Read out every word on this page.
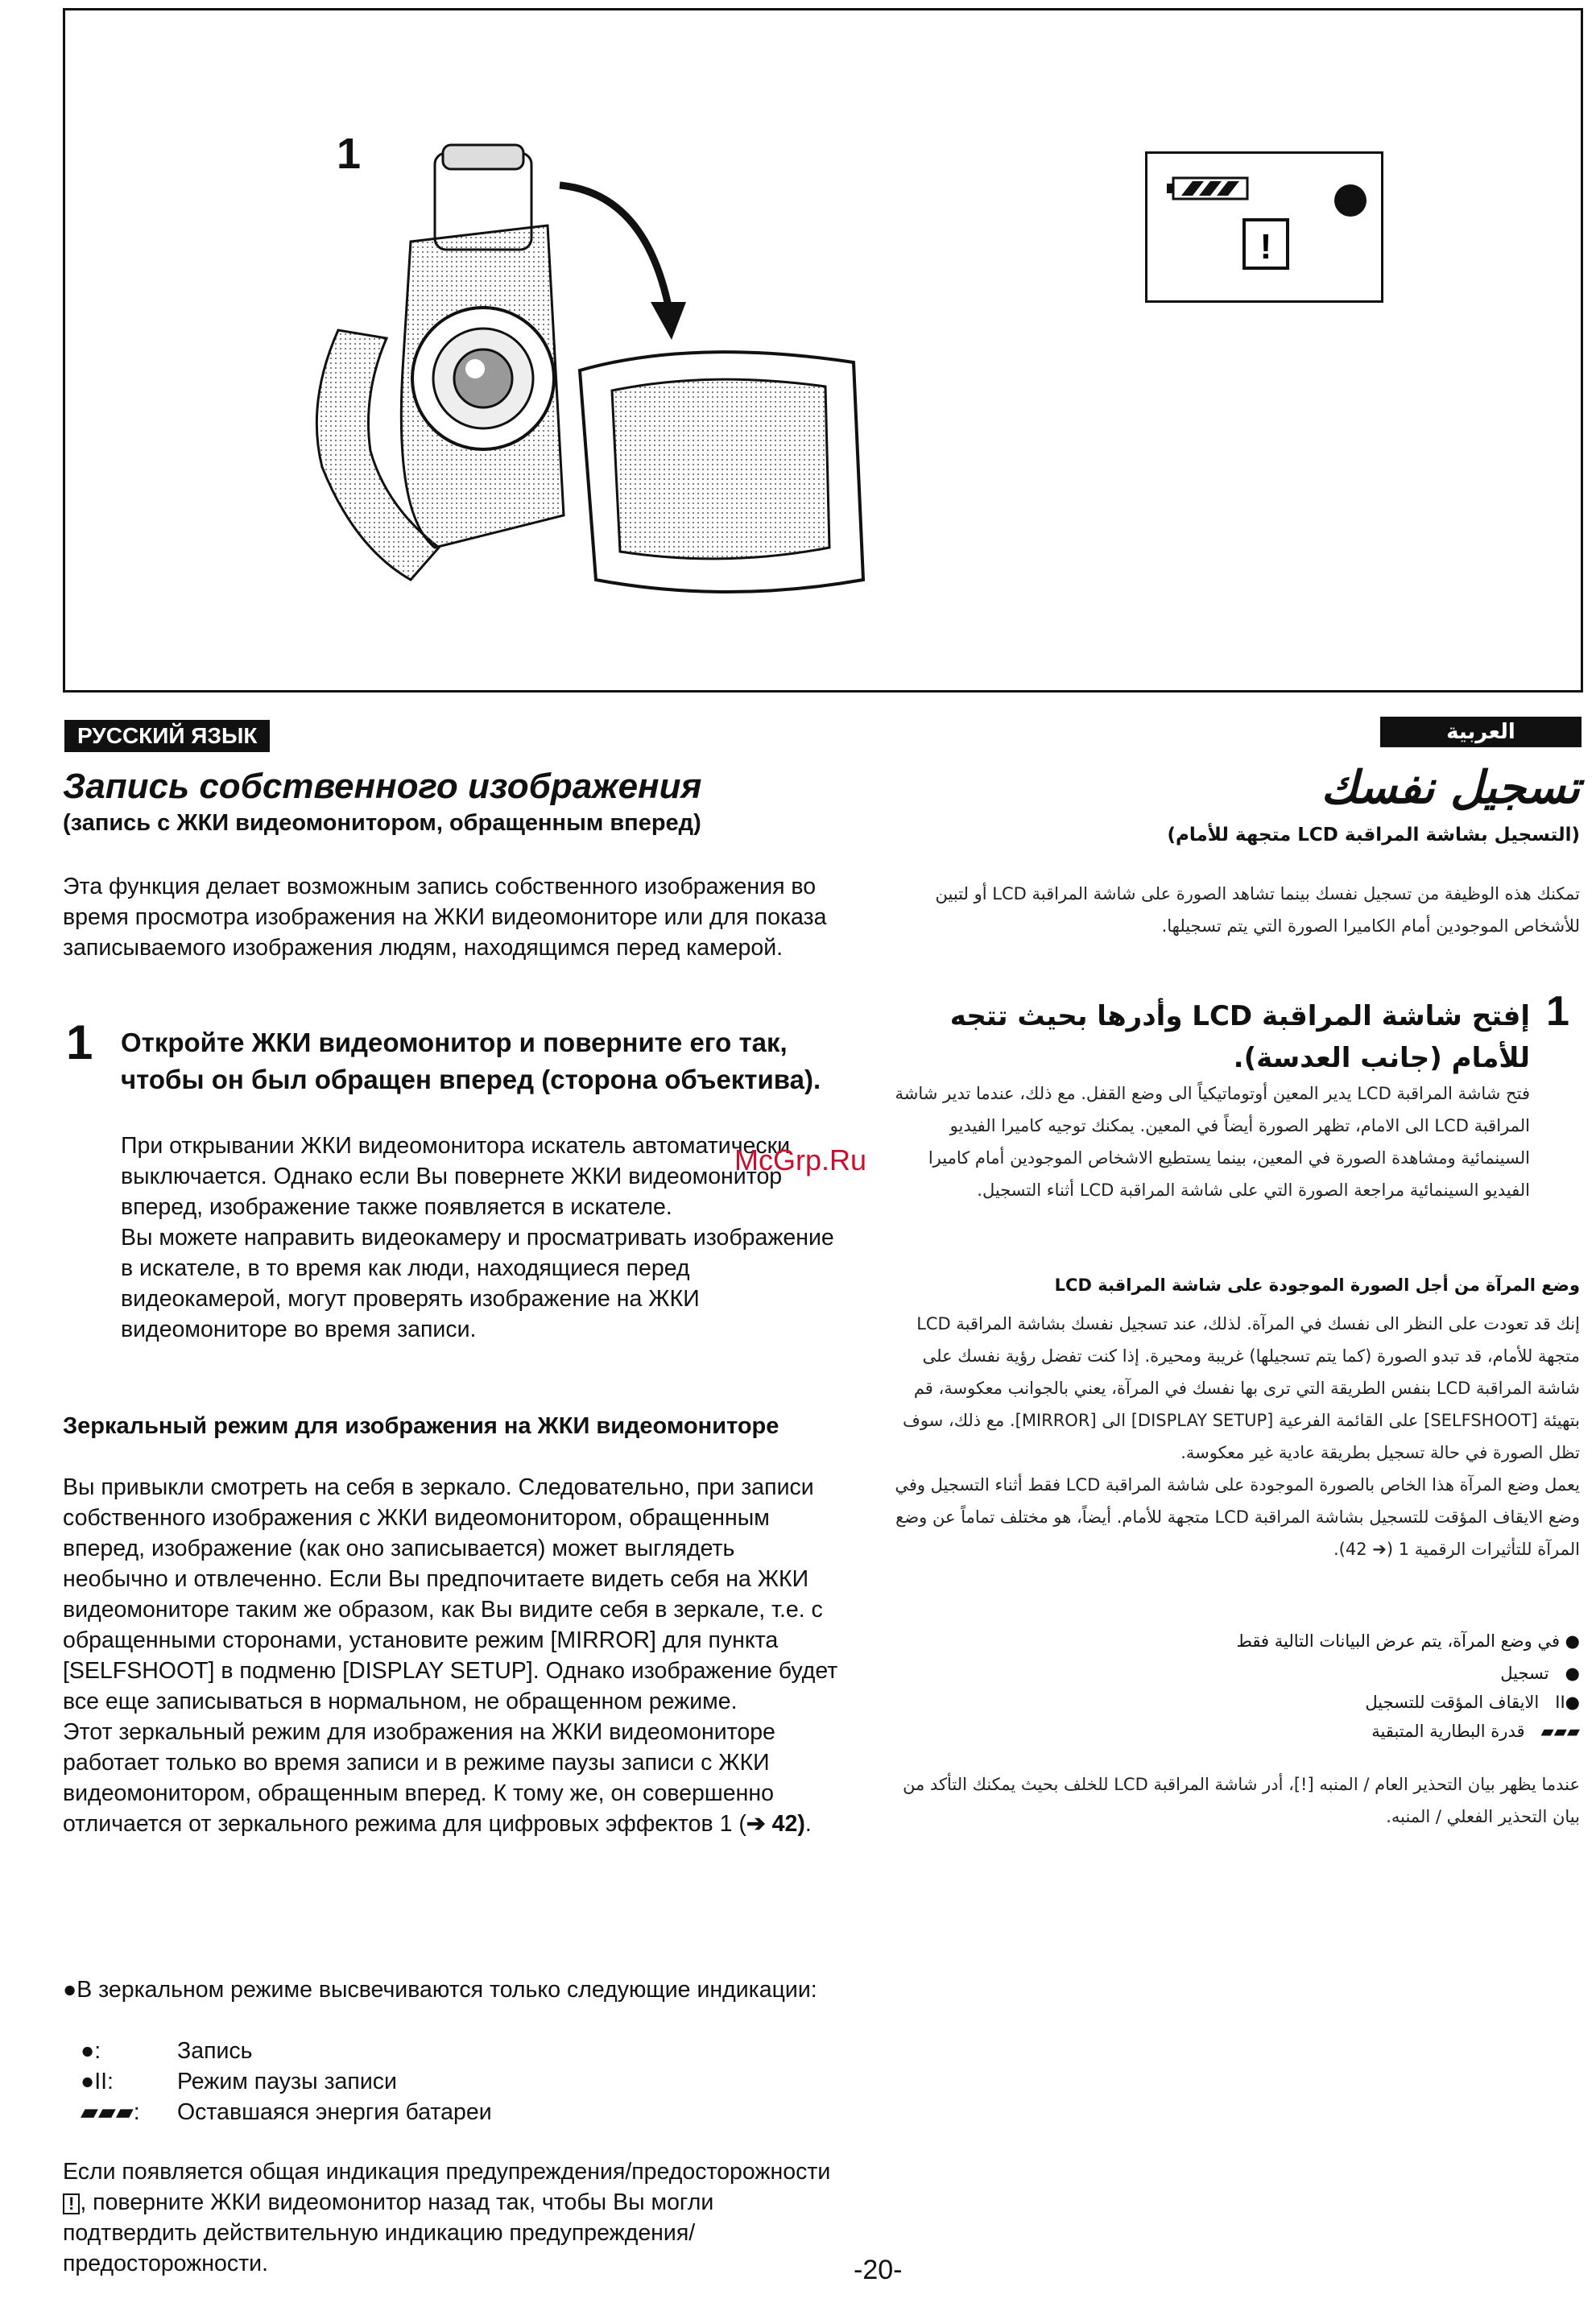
1
!
РУССКИЙ ЯЗЫК	العربية
Запись собственного изображения
(запись с ЖКИ видеомонитором, обращенным вперед)
Эта функция делает возможным запись собственного изображения во время просмотра изображения на ЖКИ видеомониторе или для показа записываемого изображения людям, находящимся перед камерой.
1 Откройте ЖКИ видеомонитор и поверните его так, чтобы он был обращен вперед (сторона объектива).
При открывании ЖКИ видеомонитора искатель автоматически выключается. Однако если Вы повернете ЖКИ видеомонитор вперед, изображение также появляется в искателе.
Вы можете направить видеокамеру и просматривать изображение в искателе, в то время как люди, находящиеся перед видеокамерой, могут проверять изображение на ЖКИ видеомониторе во время записи.
Зеркальный режим для изображения на ЖКИ видеомониторе
Вы привыкли смотреть на себя в зеркало. Следовательно, при записи собственного изображения с ЖКИ видеомонитором, обращенным вперед, изображение (как оно записывается) может выглядеть необычно и отвлеченно. Если Вы предпочитаете видеть себя на ЖКИ видеомониторе таким же образом, как Вы видите себя в зеркале, т.е. с обращенными сторонами, установите режим [MIRROR] для пункта [SELFSHOOT] в подменю [DISPLAY SETUP]. Однако изображение будет все еще записываться в нормальном, не обращенном режиме.
Этот зеркальный режим для изображения на ЖКИ видеомониторе работает только во время записи и в режиме паузы записи с ЖКИ видеомонитором, обращенным вперед. К тому же, он совершенно отличается от зеркального режима для цифровых эффектов 1 (➔ 42).
●В зеркальном режиме высвечиваются только следующие индикации:
●:	Запись
●II:	Режим паузы записи
▰▰▰: Оставшаяся энергия батареи
Если появляется общая индикация предупреждения/предосторожности ! , поверните ЖКИ видеомонитор назад так, чтобы Вы могли подтвердить действительную индикацию предупреждения/предосторожности.
تسجيل نفسك
(التسجيل بشاشة المراقبة LCD متجهة للأمام)
تمكنك هذه الوظيفة من تسجيل نفسك بينما تشاهد الصورة على شاشة المراقبة LCD أو لتبين للأشخاص الموجودين أمام الكاميرا الصورة التي يتم تسجيلها.
1
إفتح شاشة المراقبة LCD وأدرها بحيث تتجه للأمام (جانب العدسة).
فتح شاشة المراقبة LCD يدير المعين أوتوماتيكياً الى وضع القفل. مع ذلك، عندما تدير شاشة المراقبة LCD الى الامام، تظهر الصورة أيضاً في المعين. يمكنك توجيه كاميرا الفيديو السينمائية ومشاهدة الصورة في المعين، بينما يستطيع الاشخاص الموجودين أمام كاميرا الفيديو السينمائية مراجعة الصورة التي على شاشة المراقبة LCD أثناء التسجيل.
وضع المرآة من أجل الصورة الموجودة على شاشة المراقبة LCD
إنك قد تعودت على النظر الى نفسك في المرآة. لذلك، عند تسجيل نفسك بشاشة المراقبة LCD متجهة للأمام، قد تبدو الصورة (كما يتم تسجيلها) غريبة ومحيرة. إذا كنت تفضل رؤية نفسك على شاشة المراقبة LCD بنفس الطريقة التي ترى بها نفسك في المرآة، يعني بالجوانب معكوسة، قم بتهيئة [SELFSHOOT] على القائمة الفرعية [DISPLAY SETUP] الى [MIRROR]. مع ذلك، سوف تظل الصورة في حالة تسجيل بطريقة عادية غير معكوسة.
يعمل وضع المرآة هذا الخاص بالصورة الموجودة على شاشة المراقبة LCD فقط أثناء التسجيل وفي وضع الايقاف المؤقت للتسجيل بشاشة المراقبة LCD متجهة للأمام. أيضاً، هو مختلف تماماً عن وضع المرآة للتأثيرات الرقمية 1 (➔ 42).
● في وضع المرآة، يتم عرض البيانات التالية فقط
●   تسجيل
●II   الايقاف المؤقت للتسجيل
▰▰▰   قدرة البطارية المتبقية
عندما يظهر بيان التحذير العام / المنبه [!]، أدر شاشة المراقبة LCD للخلف بحيث يمكنك التأكد من بيان التحذير الفعلي / المنبه.
McGrp.Ru
-20-
